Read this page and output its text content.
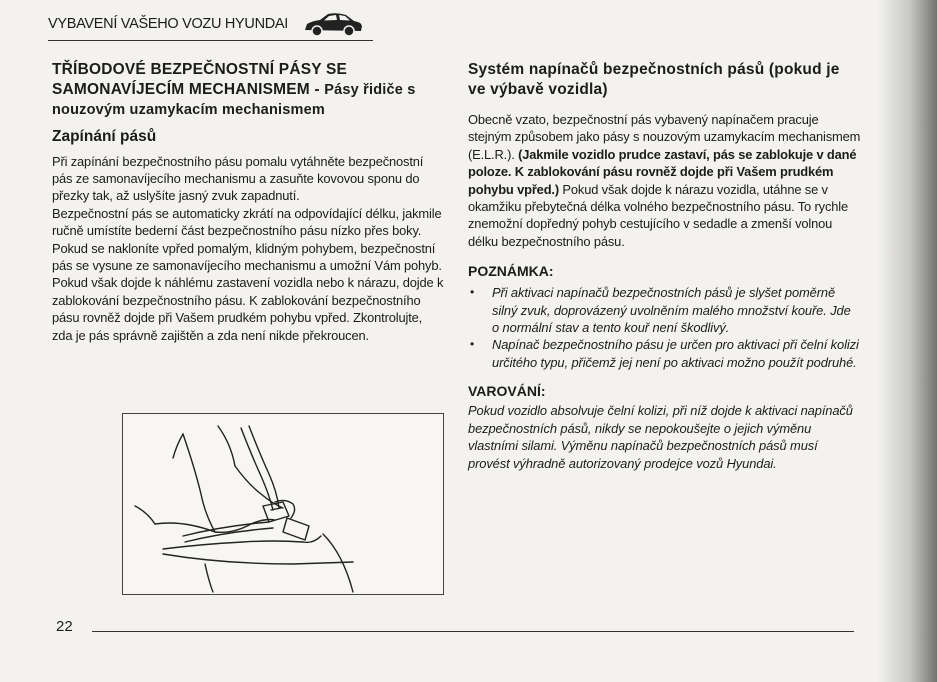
VYBAVENÍ VAŠEHO VOZU HYUNDAI
TŘÍBODOVÉ BEZPEČNOSTNÍ PÁSY SE SAMONAVÍJECÍM MECHANISMEM - Pásy řidiče s nouzovým uzamykacím mechanismem
Zapínání pásů

Při zapínání bezpečnostního pásu pomalu vytáhněte bezpečnostní pás ze samonavíjecího mechanismu a zasuňte kovovou sponu do přezky tak, až uslyšíte jasný zvuk zapadnutí.

Bezpečnostní pás se automaticky zkrátí na odpovídající délku, jakmile ručně umístíte bederní část bezpečnostního pásu nízko přes boky. Pokud se nakloníte vpřed pomalým, klidným pohybem, bezpečnostní pás se vysune ze samonavíjecího mechanismu a umožní Vám pohyb. Pokud však dojde k náhlému zastavení vozidla nebo k nárazu, dojde k zablokování bezpečnostního pásu. K zablokování bezpečnostního pásu rovněž dojde při Vašem prudkém pohybu vpřed. Zkontrolujte, zda je pás správně zajištěn a zda není nikde překroucen.

Systém napínačů bezpečnostních pásů (pokud je ve výbavě vozidla)

Obecně vzato, bezpečnostní pás vybavený napínačem pracuje stejným způsobem jako pásy s nouzovým uzamykacím mechanismem (E.L.R.). (Jakmile vozidlo prudce zastaví, pás se zablokuje v dané poloze. K zablokování pásu rovněž dojde při Vašem prudkém pohybu vpřed.) Pokud však dojde k nárazu vozidla, utáhne se v okamžiku přebytečná délka volného bezpečnostního pásu. To rychle znemožní dopředný pohyb cestujícího v sedadle a zmenší volnou délku bezpečnostního pásu.

POZNÁMKA:
• Při aktivaci napínačů bezpečnostních pásů je slyšet poměrně silný zvuk, doprovázený uvolněním malého množství kouře. Jde o normální stav a tento kouř není škodlivý.
• Napínač bezpečnostního pásu je určen pro aktivaci při čelní kolizi určitého typu, přičemž jej není po aktivaci možno použít podruhé.
VAROVÁNÍ:

Pokud vozidlo absolvuje čelní kolizi, při níž dojde k aktivaci napínačů bezpečnostních pásů, nikdy se nepokoušejte o jejich výměnu vlastními silami. Výměnu napínačů bezpečnostních pásů musí provést výhradně autorizovaný prodejce vozů Hyundai.

22
